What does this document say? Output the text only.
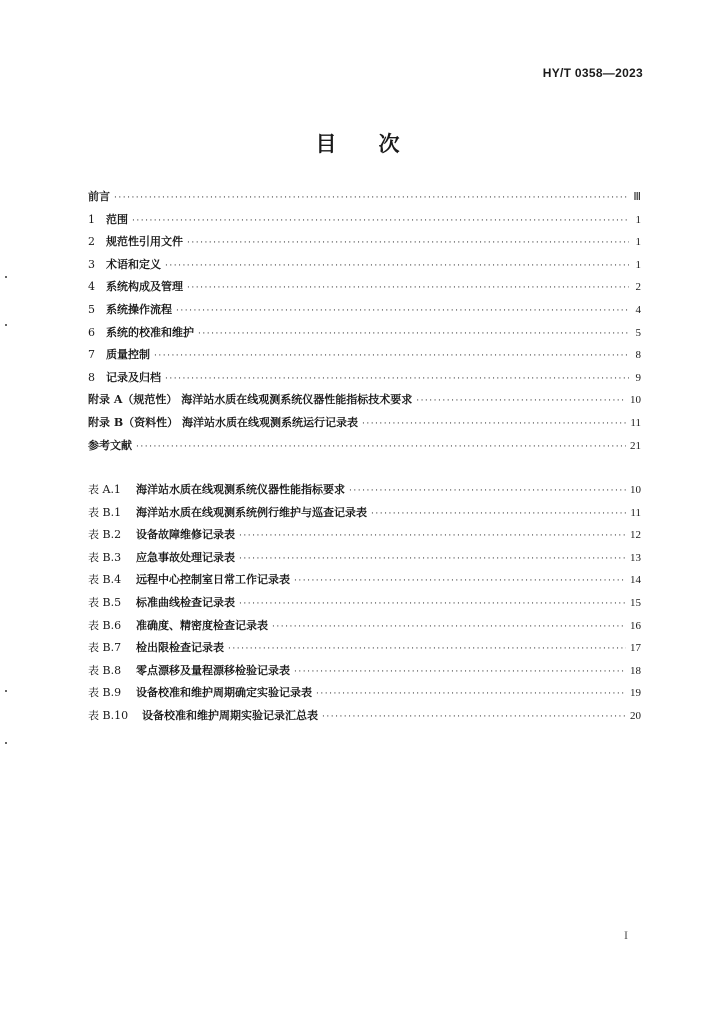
HY/T 0358—2023
目 次
前言 ·····	Ⅲ
1 范围 ·····	1
2 规范性引用文件 ·····	1
3 术语和定义 ·····	1
4 系统构成及管理 ·····	2
5 系统操作流程 ·····	4
6 系统的校准和维护 ·····	5
7 质量控制 ·····	8
8 记录及归档 ·····	9
附录 A（规范性） 海洋站水质在线观测系统仪器性能指标技术要求 ·····	10
附录 B（资料性） 海洋站水质在线观测系统运行记录表 ·····	11
参考文献 ·····	21
表 A.1 海洋站水质在线观测系统仪器性能指标要求 ·····	10
表 B.1 海洋站水质在线观测系统例行维护与巡查记录表 ·····	11
表 B.2 设备故障维修记录表 ·····	12
表 B.3 应急事故处理记录表 ·····	13
表 B.4 远程中心控制室日常工作记录表 ·····	14
表 B.5 标准曲线检查记录表 ·····	15
表 B.6 准确度、精密度检查记录表 ·····	16
表 B.7 检出限检查记录表 ·····	17
表 B.8 零点漂移及量程漂移检验记录表 ·····	18
表 B.9 设备校准和维护周期确定实验记录表 ·····	19
表 B.10 设备校准和维护周期实验记录汇总表 ·····	20
I
